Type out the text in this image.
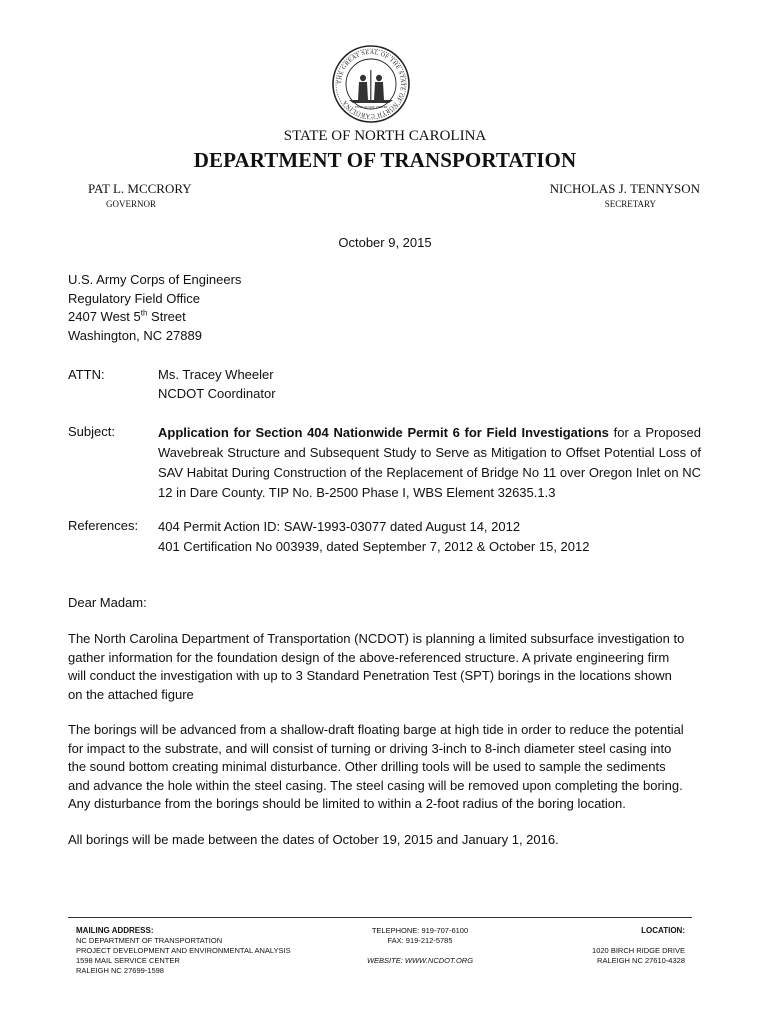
THE GREAT SEAL OF THE STATE OF NORTH CAROLINA
ESSE QUAM VIDERI
STATE OF NORTH CAROLINA
DEPARTMENT OF TRANSPORTATION
PAT L. MCCRORY
GOVERNOR
NICHOLAS J. TENNYSON
SECRETARY
October 9, 2015
U.S. Army Corps of Engineers
Regulatory Field Office
2407 West 5th Street
Washington, NC 27889
ATTN:	Ms. Tracey Wheeler
NCDOT Coordinator
Subject:	Application for Section 404 Nationwide Permit 6 for Field Investigations for a Proposed Wavebreak Structure and Subsequent Study to Serve as Mitigation to Offset Potential Loss of SAV Habitat During Construction of the Replacement of Bridge No 11 over Oregon Inlet on NC 12 in Dare County. TIP No. B-2500 Phase I, WBS Element 32635.1.3
References: 404 Permit Action ID: SAW-1993-03077 dated August 14, 2012
401 Certification No 003939, dated September 7, 2012 & October 15, 2012
Dear Madam:

The North Carolina Department of Transportation (NCDOT) is planning a limited subsurface investigation to gather information for the foundation design of the above-referenced structure. A private engineering firm will conduct the investigation with up to 3 Standard Penetration Test (SPT) borings in the locations shown on the attached figure

The borings will be advanced from a shallow-draft floating barge at high tide in order to reduce the potential for impact to the substrate, and will consist of turning or driving 3-inch to 8-inch diameter steel casing into the sound bottom creating minimal disturbance. Other drilling tools will be used to sample the sediments and advance the hole within the steel casing. The steel casing will be removed upon completing the boring. Any disturbance from the borings should be limited to within a 2-foot radius of the boring location.

All borings will be made between the dates of October 19, 2015 and January 1, 2016.

MAILING ADDRESS:
NC DEPARTMENT OF TRANSPORTATION
PROJECT DEVELOPMENT AND ENVIRONMENTAL ANALYSIS
1598 MAIL SERVICE CENTER
RALEIGH NC 27699-1598
TELEPHONE: 919-707-6100
FAX: 919-212-5785
WEBSITE: WWW.NCDOT.ORG
LOCATION:
1020 BIRCH RIDGE DRIVE
RALEIGH NC 27610-4328
